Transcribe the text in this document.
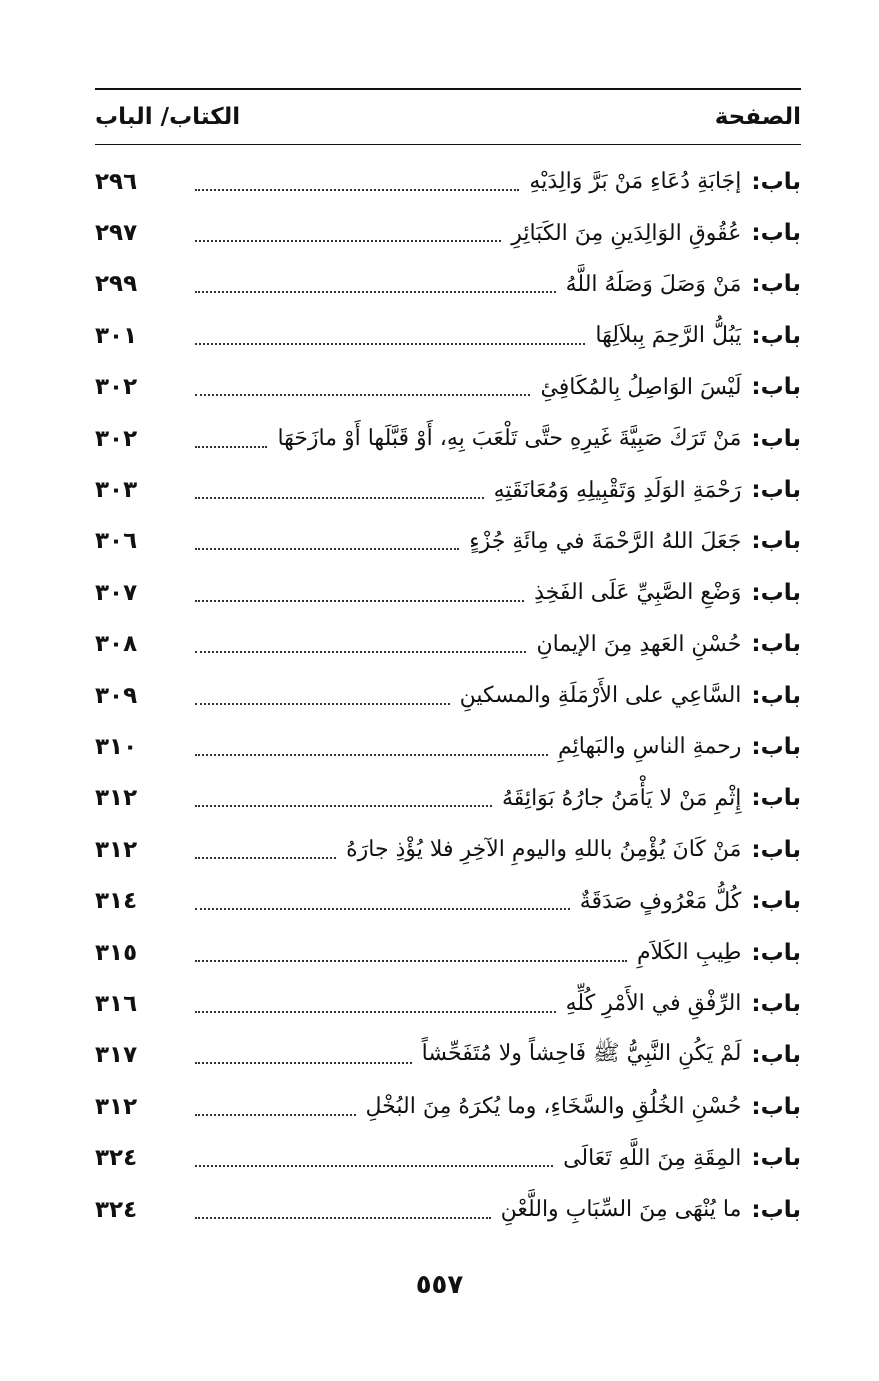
الكتاب/ الباب	الصفحة
باب:
إجَابَةِ دُعَاءِ مَنْ بَرَّ وَالِدَيْهِ
٢٩٦
باب:
عُقُوقِ الوَالِدَينِ مِنَ الكَبَائِرِ
٢٩٧
باب:
مَنْ وَصَلَ وَصَلَهُ اللَّهُ
٢٩٩
باب:
يَبُلُّ الرَّحِمَ بِبلاَلِهَا
٣٠١
باب:
لَيْسَ الوَاصِلُ بِالمُكَافِئِ
٣٠٢
باب:
مَنْ تَرَكَ صَبِيَّةَ غَيرِهِ حتَّى تَلْعَبَ بِهِ، أَوْ قَبَّلَها أَوْ مازَحَهَا
٣٠٢
باب:
رَحْمَةِ الوَلَدِ وَتَقْبِيلِهِ وَمُعَانَقَتِهِ
٣٠٣
باب:
جَعَلَ اللهُ الرَّحْمَةَ في مِائَةِ جُزْءٍ
٣٠٦
باب:
وَضْعِ الصَّبِيِّ عَلَى الفَخِذِ
٣٠٧
باب:
حُسْنِ العَهدِ مِنَ الإيمانِ
٣٠٨
باب:
السَّاعِي على الأَرْمَلَةِ والمسكينِ
٣٠٩
باب:
رحمةِ الناسِ والبَهائِمِ
٣١٠
باب:
إِثْمِ مَنْ لا يَأْمَنُ جارُهُ بَوَائِقَهُ
٣١٢
باب:
مَنْ كَانَ يُؤْمِنُ باللهِ واليومِ الآخِرِ فلا يُؤْذِ جارَهُ
٣١٢
باب:
كُلُّ مَعْرُوفٍ صَدَقَةٌ
٣١٤
باب:
طِيبِ الكَلاَمِ
٣١٥
باب:
الرِّفْقِ في الأَمْرِ كُلِّهِ
٣١٦
باب:
لَمْ يَكُنِ النَّبِيُّ ﷺ فَاحِشاً ولا مُتَفَحِّشاً
٣١٧
باب:
حُسْنِ الخُلُقِ والسَّخَاءِ، وما يُكرَهُ مِنَ البُخْلِ
٣١٢
باب:
المِقَةِ مِنَ اللَّهِ تَعَالَى
٣٢٤
باب:
ما يُنْهَى مِنَ السِّبَابِ واللَّعْنِ
٣٢٤
٥٥٧
